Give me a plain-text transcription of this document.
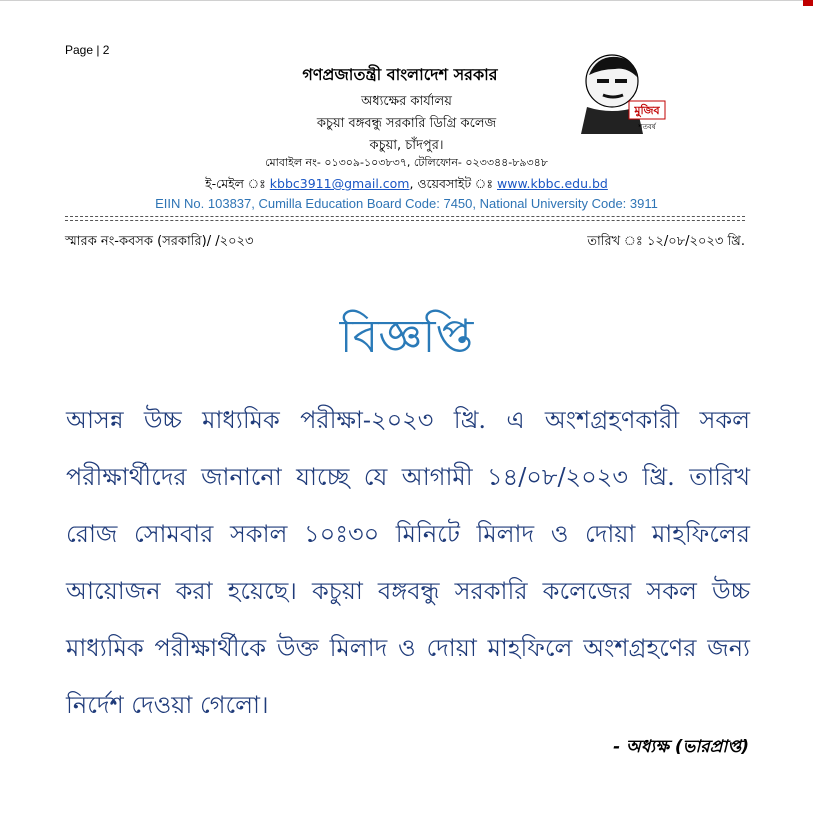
Page | 2
গণপ্রজাতন্ত্রী বাংলাদেশ সরকার
অধ্যক্ষের কার্যালয়
কচুয়া বঙ্গবন্ধু সরকারি ডিগ্রি কলেজ
কচুয়া, চাঁদপুর।
মোবাইল নং- ০১৩০৯-১০৩৮৩৭, টেলিফোন- ০২৩৩৪৪-৮৯৩৪৮
ই-মেইল ঃ kbbc3911@gmail.com, ওয়েবসাইট ঃ www.kbbc.edu.bd
EIIN No. 103837, Cumilla Education Board Code: 7450, National University Code: 3911
স্মারক নং-কবসক (সরকারি)/ /২০২৩	তারিখ ঃ ১২/০৮/২০২৩ খ্রি.
মুজিব
শতবর্ষ
বিজ্ঞপ্তি
আসন্ন উচ্চ মাধ্যমিক পরীক্ষা-২০২৩ খ্রি. এ অংশগ্রহণকারী সকল পরীক্ষার্থীদের জানানো যাচ্ছে যে আগামী ১৪/০৮/২০২৩ খ্রি. তারিখ রোজ সোমবার সকাল ১০ঃ৩০ মিনিটে মিলাদ ও দোয়া মাহফিলের আয়োজন করা হয়েছে। কচুয়া বঙ্গবন্ধু সরকারি কলেজের সকল উচ্চ মাধ্যমিক পরীক্ষার্থীকে উক্ত মিলাদ ও দোয়া মাহফিলে অংশগ্রহণের জন্য নির্দেশ দেওয়া গেলো।
- অধ্যক্ষ (ভারপ্রাপ্ত)
